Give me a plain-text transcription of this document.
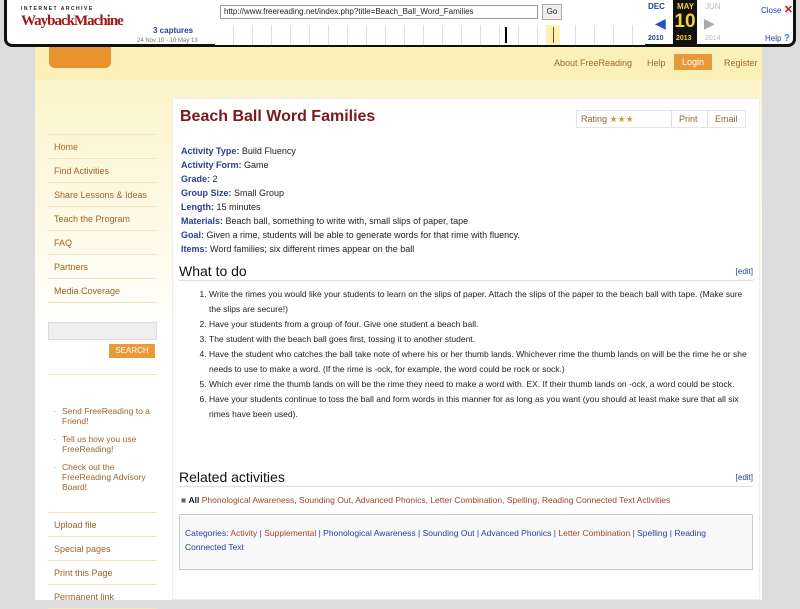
INTERNET ARCHIVE
WaybackMachine
http://www.freereading.net/index.php?title=Beach_Ball_Word_Families	Go
3 captures
24 Nov 10 - 10 May 13
DEC MAY JUN
◀ 10 ▶
2010 2013 2014
Close ✕
Help ?
About FreeReading Help	Login	Register
Home
Find Activities
Share Lessons & Ideas
Teach the Program
FAQ
Partners
Media Coverage
SEARCH
· Send FreeReading to a Friend!
· Tell us how you use FreeReading!
· Check out the FreeReading Advisory Board!
Upload file
Special pages
Print this Page
Permanent link
Beach Ball Word Families	Rating ★★★	Print	Email
Activity Type: Build Fluency
Activity Form: Game
Grade: 2
Group Size: Small Group
Length: 15 minutes
Materials: Beach ball, something to write with, small slips of paper, tape
Goal: Given a rime, students will be able to generate words for that rime with fluency.
Items: Word families; six different rimes appear on the ball
What to do	[edit]
1. Write the rimes you would like your students to learn on the slips of paper. Attach the slips of the paper to the beach ball with tape. (Make sure the slips are secure!)
2. Have your students from a group of four. Give one student a beach ball.
3. The student with the beach ball goes first, tossing it to another student.
4. Have the student who catches the ball take note of where his or her thumb lands. Whichever rime the thumb lands on will be the rime he or she needs to use to make a word. (If the rime is -ock, for example, the word could be rock or sock.)
5. Which ever rime the thumb lands on will be the rime they need to make a word with. EX. If their thumb lands on -ock, a word could be stock.
6. Have your students continue to toss the ball and form words in this manner for as long as you want (you should at least make sure that all six rimes have been used).
Related activities	[edit]
■ All Phonological Awareness, Sounding Out, Advanced Phonics, Letter Combination, Spelling, Reading Connected Text Activities
Categories: Activity | Supplemental | Phonological Awareness | Sounding Out | Advanced Phonics | Letter Combination | Spelling | Reading Connected Text
